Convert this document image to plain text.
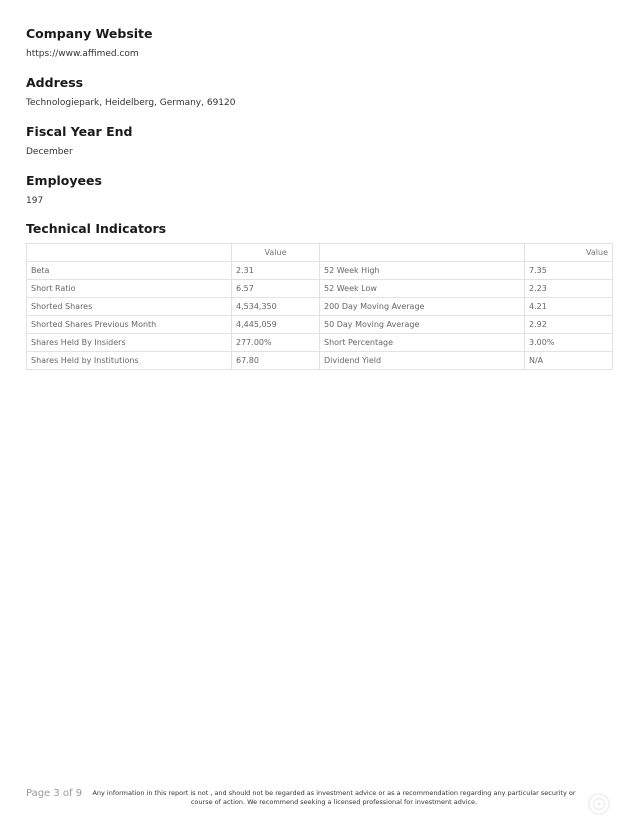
Company Website
https://www.affimed.com
Address
Technologiepark, Heidelberg, Germany, 69120
Fiscal Year End
December
Employees
197
Technical Indicators
	Value		Value
Beta	2.31	52 Week High	7.35
Short Ratio	6.57	52 Week Low	2.23
Shorted Shares	4,534,350	200 Day Moving Average	4.21
Shorted Shares Previous Month	4,445,059	50 Day Moving Average	2.92
Shares Held By Insiders	277.00%	Short Percentage	3.00%
Shares Held by Institutions	67.80	Dividend Yield	N/A
Page 3 of 9	Any information in this report is not , and should not be regarded as investment advice or as a recommendation regarding any particular security or course of action. We recommend seeking a licensed professional for investment advice.
